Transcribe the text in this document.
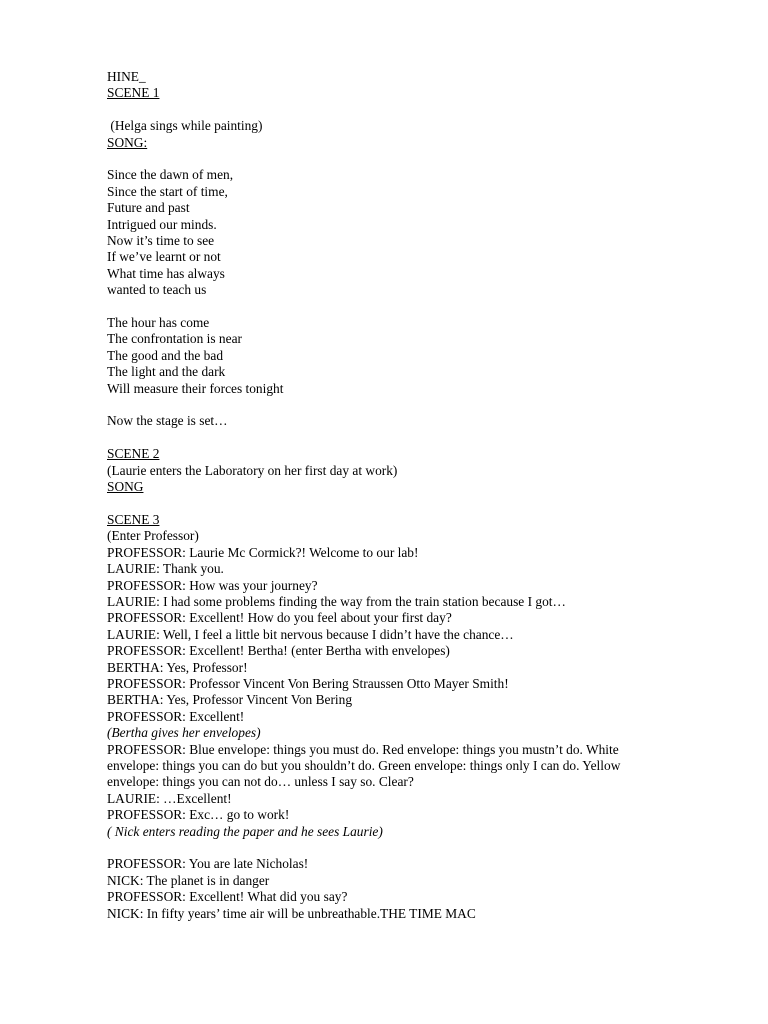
HINE_
SCENE 1
(Helga sings while painting)
SONG:
Since the dawn of men,
Since the start of time,
Future and past
Intrigued our minds.
Now it’s time to see
If we’ve learnt or not
What time has always
wanted to teach us
The hour has come
The confrontation is near
The good and the bad
The light and the dark
Will measure their forces tonight
Now the stage is set…
SCENE 2
(Laurie enters the Laboratory on her first day at work)
SONG
SCENE 3
(Enter Professor)
PROFESSOR: Laurie Mc Cormick?! Welcome to our lab!
LAURIE: Thank you.
PROFESSOR: How was your journey?
LAURIE: I had some problems finding the way from the train station because I got…
PROFESSOR: Excellent! How do you feel about your first day?
LAURIE: Well, I feel a little bit nervous because I didn’t have the chance…
PROFESSOR: Excellent! Bertha! (enter Bertha with envelopes)
BERTHA: Yes, Professor!
PROFESSOR: Professor Vincent Von Bering Straussen Otto Mayer Smith!
BERTHA: Yes, Professor Vincent Von Bering
PROFESSOR: Excellent!
(Bertha gives her envelopes)
PROFESSOR: Blue envelope: things you must do. Red envelope: things you mustn’t do. White
envelope: things you can do but you shouldn’t do. Green envelope: things only I can do. Yellow
envelope: things you can not do… unless I say so. Clear?
LAURIE: …Excellent!
PROFESSOR: Exc… go to work!
( Nick enters reading the paper and he sees Laurie)
PROFESSOR: You are late Nicholas!
NICK: The planet is in danger
PROFESSOR: Excellent! What did you say?
NICK: In fifty years’ time air will be unbreathable.THE TIME MAC
